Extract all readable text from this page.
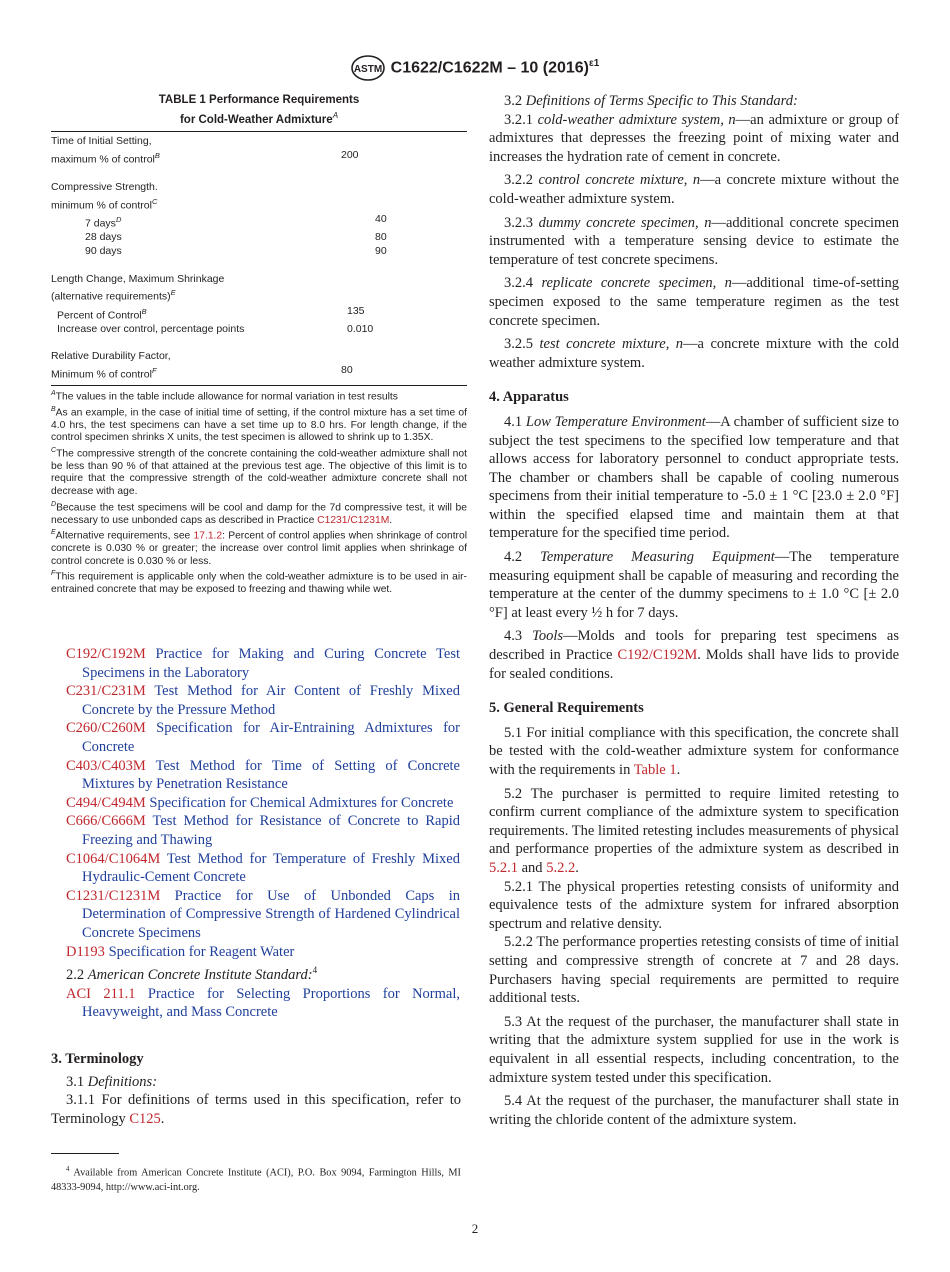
ASTM C1622/C1622M – 10 $(2016)^{\varepsilon 1}$
TABLE 1 Performance Requirements
for Cold-Weather Admixture$^A$
Time of Initial Setting,
maximum % of control$^B$	200
Compressive Strength.
minimum % of control$^C$
7 days$^D$	40
28 days	80
90 days	90
Length Change, Maximum Shrinkage
(alternative requirements)$^E$
Percent of Control$^B$	135
Increase over control, percentage points	0.010
Relative Durability Factor,
Minimum % of control$^F$	80

$^A$The values in the table include allowance for normal variation in test results

$^B$As an example, in the case of initial time of setting, if the control mixture has a set time of 4.0 hrs, the test specimens can have a set time up to 8.0 hrs. For length change, if the control specimen shrinks X units, the test specimen is allowed to shrink up to 1.35X.

$^C$The compressive strength of the concrete containing the cold-weather admixture shall not be less than 90 % of that attained at the previous test age. The objective of this limit is to require that the compressive strength of the cold-weather admixture concrete shall not decrease with age.

$^D$Because the test specimens will be cool and damp for the 7d compressive test, it will be necessary to use unbonded caps as described in Practice C1231/C1231M.

$^E$Alternative requirements, see 17.1.2: Percent of control applies when shrinkage of control concrete is 0.030 % or greater; the increase over control limit applies when shrinkage of control concrete is 0.030 % or less.

$^F$This requirement is applicable only when the cold-weather admixture is to be used in air-entrained concrete that may be exposed to freezing and thawing while wet.

C192/C192M Practice for Making and Curing Concrete Test Specimens in the Laboratory

C231/C231M Test Method for Air Content of Freshly Mixed Concrete by the Pressure Method

C260/C260M Specification for Air-Entraining Admixtures for Concrete

C403/C403M Test Method for Time of Setting of Concrete Mixtures by Penetration Resistance

C494/C494M Specification for Chemical Admixtures for Concrete

C666/C666M Test Method for Resistance of Concrete to Rapid Freezing and Thawing

C1064/C1064M Test Method for Temperature of Freshly Mixed Hydraulic-Cement Concrete

C1231/C1231M Practice for Use of Unbonded Caps in Determination of Compressive Strength of Hardened Cylindrical Concrete Specimens

D1193 Specification for Reagent Water

2.2 American Concrete Institute Standard:$^4$

ACI 211.1 Practice for Selecting Proportions for Normal, Heavyweight, and Mass Concrete

3. Terminology

3.1 Definitions:

3.1.1 For definitions of terms used in this specification, refer to Terminology C125.

$^4$ Available from American Concrete Institute (ACI), P.O. Box 9094, Farmington Hills, MI 48333-9094, http://www.aci-int.org.

3.2 Definitions of Terms Specific to This Standard:

3.2.1 cold-weather admixture system, n—an admixture or group of admixtures that depresses the freezing point of mixing water and increases the hydration rate of cement in concrete.

3.2.2 control concrete mixture, n—a concrete mixture without the cold-weather admixture system.

3.2.3 dummy concrete specimen, n—additional concrete specimen instrumented with a temperature sensing device to estimate the temperature of test concrete specimens.

3.2.4 replicate concrete specimen, n—additional time-of-setting specimen exposed to the same temperature regimen as the test concrete specimen.

3.2.5 test concrete mixture, n—a concrete mixture with the cold weather admixture system.

4. Apparatus

4.1 Low Temperature Environment—A chamber of sufficient size to subject the test specimens to the specified low temperature and that allows access for laboratory personnel to conduct appropriate tests. The chamber or chambers shall be capable of cooling numerous specimens from their initial temperature to -5.0 ± 1 °C [23.0 ± 2.0 °F] within the specified elapsed time and maintain them at that temperature for the specified time period.

4.2 Temperature Measuring Equipment—The temperature measuring equipment shall be capable of measuring and recording the temperature at the center of the dummy specimens to ± 1.0 °C [± 2.0 °F] at least every ½ h for 7 days.

4.3 Tools—Molds and tools for preparing test specimens as described in Practice C192/C192M. Molds shall have lids to provide for sealed conditions.

5. General Requirements

5.1 For initial compliance with this specification, the concrete shall be tested with the cold-weather admixture system for conformance with the requirements in Table 1.

5.2 The purchaser is permitted to require limited retesting to confirm current compliance of the admixture system to specification requirements. The limited retesting includes measurements of physical and performance properties of the admixture system as described in 5.2.1 and 5.2.2.

5.2.1 The physical properties retesting consists of uniformity and equivalence tests of the admixture system for infrared absorption spectrum and relative density.

5.2.2 The performance properties retesting consists of time of initial setting and compressive strength of concrete at 7 and 28 days. Purchasers having special requirements are permitted to require additional tests.

5.3 At the request of the purchaser, the manufacturer shall state in writing that the admixture system supplied for use in the work is equivalent in all essential respects, including concentration, to the admixture system tested under this specification.

5.4 At the request of the purchaser, the manufacturer shall state in writing the chloride content of the admixture system.

2
